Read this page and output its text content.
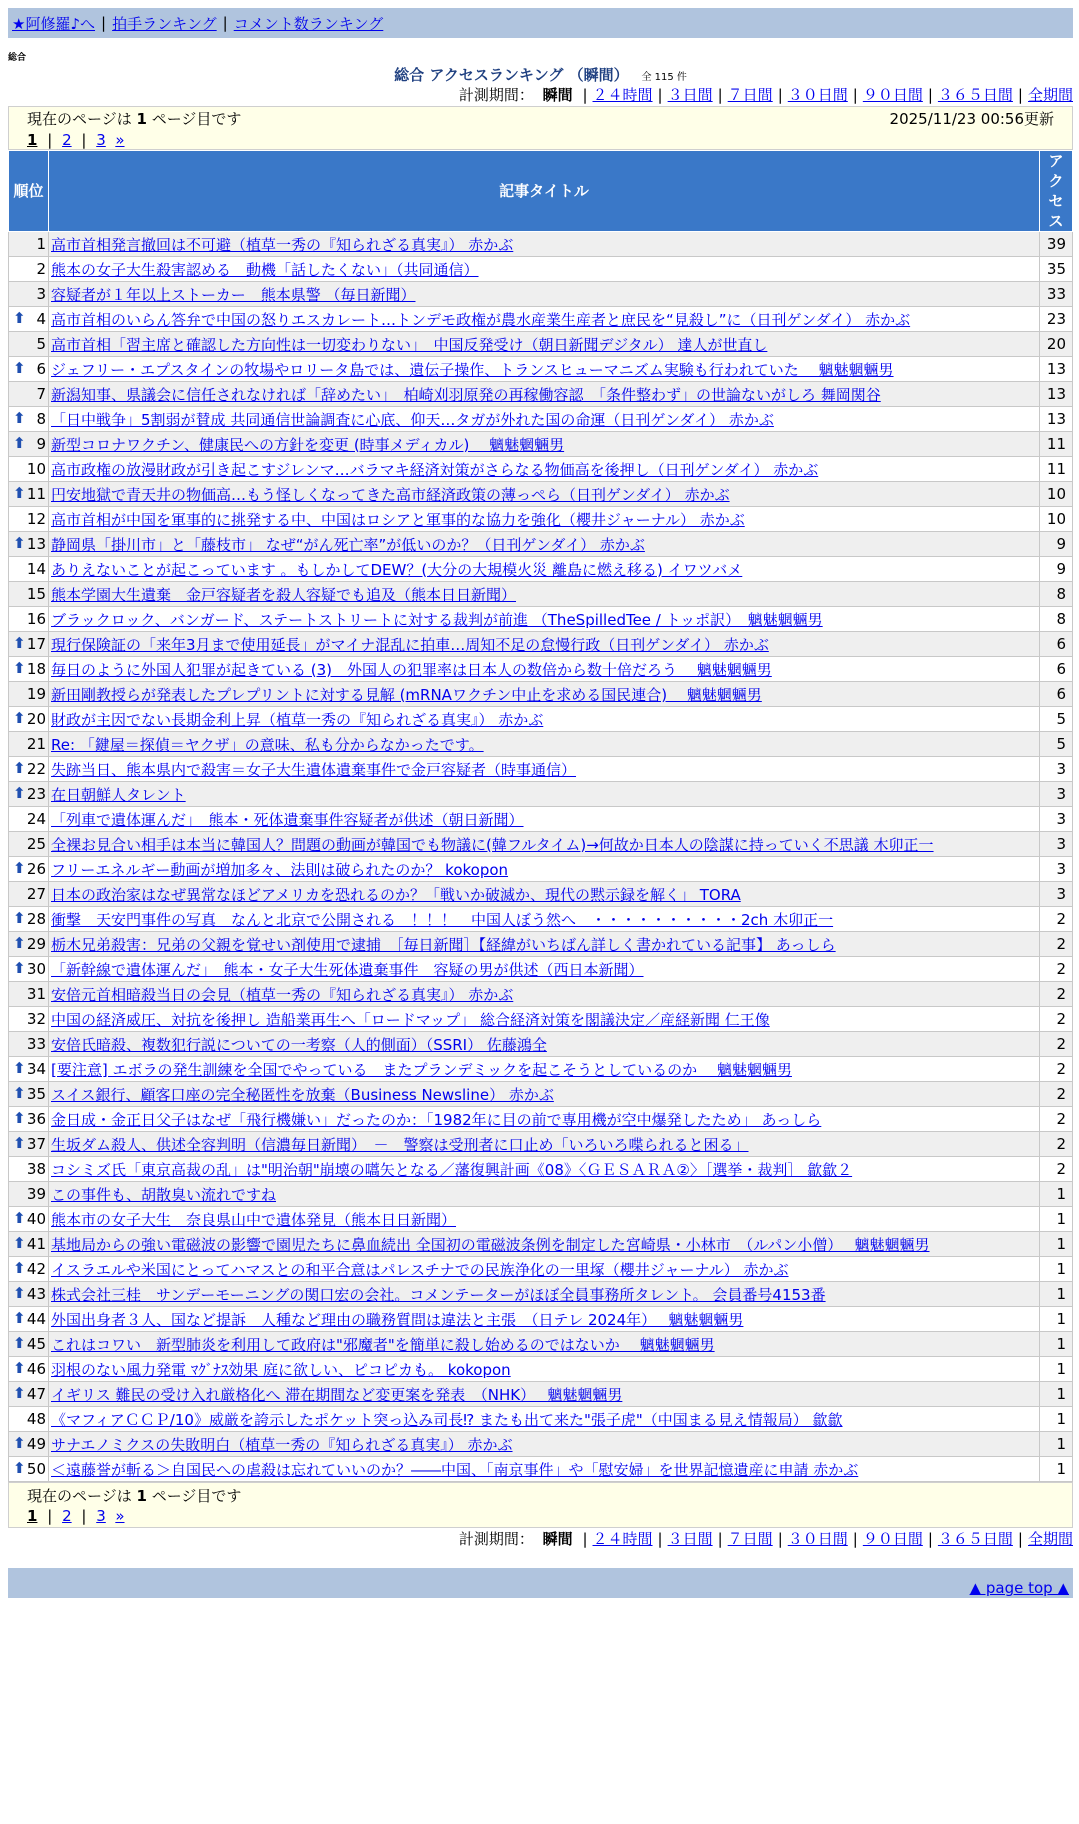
★阿修羅♪へ | 拍手ランキング | コメント数ランキング
総合
総合 アクセスランキング （瞬間） 全 115 件
計測期間： 瞬間 | ２４時間 | ３日間 | ７日間 | ３０日間 | ９０日間 | ３６５日間 | 全期間
現在のページは 1 ページ目です	2025/11/23 00:56更新
1 | 2 | 3 »
順位	記事タイトル	アクセス
1	高市首相発言撤回は不可避（植草一秀の『知られざる真実』） 赤かぶ	39
2	熊本の女子大生殺害認める　動機「話したくない」（共同通信）	35
3	容疑者が１年以上ストーカー　熊本県警 （毎日新聞）	33

⬆ 4	高市首相のいらん答弁で中国の怒りエスカレート…トンデモ政権が農水産業生産者と庶民を“見殺し”に（日刊ゲンダイ） 赤かぶ	23
5	高市首相「習主席と確認した方向性は一切変わりない」　中国反発受け（朝日新聞デジタル） 達人が世直し	20

⬆ 6	ジェフリー・エプスタインの牧場やロリータ島では、遺伝子操作、トランスヒューマニズム実験も行われていた　 魑魅魍魎男	13
7	新潟知事、県議会に信任されなければ「辞めたい」　柏崎刈羽原発の再稼働容認　「条件整わず」の世論ないがしろ 舞岡関谷	13

⬆ 8	「日中戦争」5割弱が賛成 共同通信世論調査に心底、仰天…タガが外れた国の命運（日刊ゲンダイ） 赤かぶ	13

⬆ 9	新型コロナワクチン、健康民への方針を変更 (時事メディカル)　 魑魅魍魎男	11
10	高市政権の放漫財政が引き起こすジレンマ…バラマキ経済対策がさらなる物価高を後押し（日刊ゲンダイ） 赤かぶ	11

⬆ 11	円安地獄で青天井の物価高…もう怪しくなってきた高市経済政策の薄っぺら（日刊ゲンダイ） 赤かぶ	10
12	高市首相が中国を軍事的に挑発する中、中国はロシアと軍事的な協力を強化（櫻井ジャーナル） 赤かぶ	10

⬆ 13	静岡県「掛川市」と「藤枝市」 なぜ“がん死亡率”が低いのか？（日刊ゲンダイ） 赤かぶ	9
14	ありえないことが起こっています 。もしかしてDEW？(大分の大規模火災 離島に燃え移る) イワツバメ	9
15	熊本学園大生遺棄　金戸容疑者を殺人容疑でも追及（熊本日日新聞）	8
16	ブラックロック、バンガード、ステートストリートに対する裁判が前進 （TheSpilledTee / トッポ訳）　魑魅魍魎男	8

⬆ 17	現行保険証の「来年3月まで使用延長」がマイナ混乱に拍車…周知不足の怠慢行政（日刊ゲンダイ） 赤かぶ	6

⬆ 18	毎日のように外国人犯罪が起きている (3)　外国人の犯罪率は日本人の数倍から数十倍だろう　 魑魅魍魎男	6
19	新田剛教授らが発表したプレプリントに対する見解 (mRNAワクチン中止を求める国民連合)　 魑魅魍魎男	6

⬆ 20	財政が主因でない長期金利上昇（植草一秀の『知られざる真実』） 赤かぶ	5
21	Re: 「鍵屋＝探偵＝ヤクザ」の意味、私も分からなかったです。	5

⬆ 22	失跡当日、熊本県内で殺害＝女子大生遺体遺棄事件で金戸容疑者（時事通信）	3

⬆ 23	在日朝鮮人タレント	3
24	「列車で遺体運んだ」　熊本・死体遺棄事件容疑者が供述（朝日新聞）	3
25	全裸お見合い相手は本当に韓国人？問題の動画が韓国でも物議に(韓フルタイム)→何故か日本人の陰謀に持っていく不思議 木卯正一	3

⬆ 26	フリーエネルギー動画が増加多々、法則は破られたのか？ kokopon	3
27	日本の政治家はなぜ異常なほどアメリカを恐れるのか？「戦いか破滅か、現代の黙示録を解く」 TORA	3

⬆ 28	衝撃　天安門事件の写真　なんと北京で公開される　！！！　中国人ぼう然へ　・・・・・・・・・・2ch 木卯正一	2

⬆ 29	栃木兄弟殺害：兄弟の父親を覚せい剤使用で逮捕　［毎日新聞］【経緯がいちばん詳しく書かれている記事】 あっしら	2

⬆ 30	「新幹線で遺体運んだ」　熊本・女子大生死体遺棄事件　容疑の男が供述（西日本新聞）	2
31	安倍元首相暗殺当日の会見（植草一秀の『知られざる真実』） 赤かぶ	2
32	中国の経済威圧、対抗を後押し 造船業再生へ「ロードマップ」 総合経済対策を閣議決定／産経新聞 仁王像	2
33	安倍氏暗殺、複数犯行説についての一考察（人的側面）（SSRI） 佐藤鴻全	2

⬆ 34	[要注意] エボラの発生訓練を全国でやっている　またプランデミックを起こそうとしているのか　 魑魅魍魎男	2

⬆ 35	スイス銀行、顧客口座の完全秘匿性を放棄（Business Newsline） 赤かぶ	2

⬆ 36	金日成・金正日父子はなぜ「飛行機嫌い」だったのか：「1982年に目の前で専用機が空中爆発したため」 あっしら	2

⬆ 37	生坂ダム殺人、供述全容判明（信濃毎日新聞）　－　警察は受刑者に口止め「いろいろ喋られると困る」	2
38	コシミズ氏「東京高裁の乱」は"明治朝"崩壊の嚆矢となる／藩復興計画《08》〈ＧＥＳＡＲＡ②〉［選挙・裁判］ 歙歙２	2
39	この事件も、胡散臭い流れですね	1

⬆ 40	熊本市の女子大生　奈良県山中で遺体発見（熊本日日新聞）	1

⬆ 41	基地局からの強い電磁波の影響で園児たちに鼻血続出 全国初の電磁波条例を制定した宮崎県・小林市　（ルパン小僧）　 魑魅魍魎男	1

⬆ 42	イスラエルや米国にとってハマスとの和平合意はパレスチナでの民族浄化の一里塚（櫻井ジャーナル） 赤かぶ	1

⬆ 43	株式会社三桂　サンデーモーニングの関口宏の会社。コメンテーターがほぼ全員事務所タレント。 会員番号4153番	1

⬆ 44	外国出身者３人、国など提訴　人種など理由の職務質問は違法と主張　（日テレ 2024年）　 魑魅魍魎男	1

⬆ 45	これはコワい　新型肺炎を利用して政府は"邪魔者"を簡単に殺し始めるのではないか　 魑魅魍魎男	1

⬆ 46	羽根のない風力発電 ﾏｸﾞﾅｽ効果 庭に欲しい、ピコピカも。 kokopon	1

⬆ 47	イギリス 難民の受け入れ厳格化へ 滞在期間など変更案を発表　（NHK）　 魑魅魍魎男	1
48	《マフィアＣＣＰ/10》威厳を誇示したポケット突っ込み司長⁉ またも出て来た"張子虎"（中国まる見え情報局） 歙歙	1

⬆ 49	サナエノミクスの失敗明白（植草一秀の『知られざる真実』） 赤かぶ	1

⬆ 50	＜遠藤誉が斬る＞自国民への虐殺は忘れていいのか？――中国、「南京事件」や「慰安婦」を世界記憶遺産に申請 赤かぶ	1
現在のページは 1 ページ目です
1 | 2 | 3 »
計測期間： 瞬間 | ２４時間 | ３日間 | ７日間 | ３０日間 | ９０日間 | ３６５日間 | 全期間
▲ page top ▲
